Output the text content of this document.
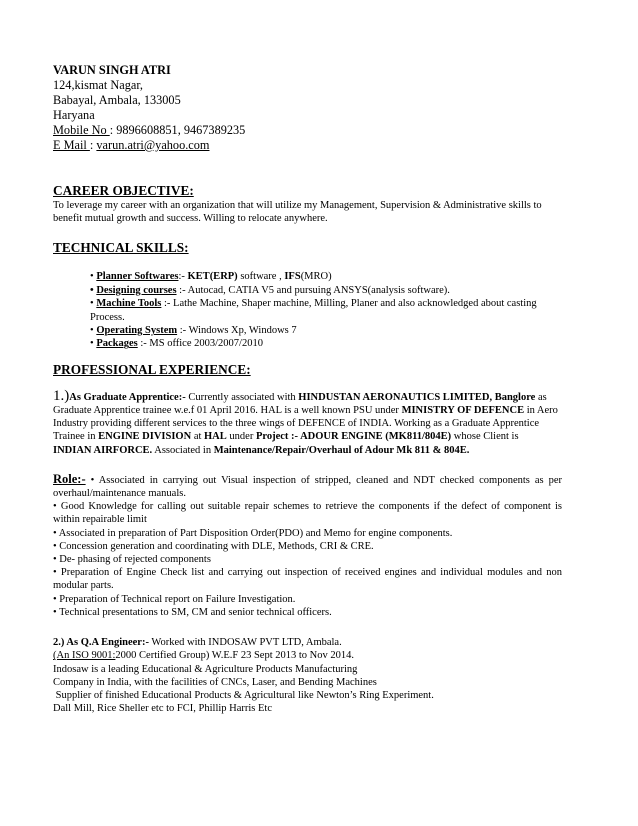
VARUN SINGH ATRI
124,kismat Nagar,
Babayal, Ambala, 133005
Haryana
Mobile No : 9896608851, 9467389235
E Mail : varun.atri@yahoo.com
CAREER OBJECTIVE:
To leverage my career with an organization that will utilize my Management, Supervision & Administrative skills to benefit mutual growth and success. Willing to relocate anywhere.
TECHNICAL SKILLS:
• Planner Softwares:- KET(ERP) software , IFS(MRO)
• Designing courses :- Autocad, CATIA V5 and pursuing ANSYS(analysis software).
• Machine Tools :- Lathe Machine, Shaper machine, Milling, Planer and also acknowledged about casting Process.
• Operating System :- Windows Xp, Windows 7
• Packages :- MS office 2003/2007/2010
PROFESSIONAL EXPERIENCE:
1.)As Graduate Apprentice:- Currently associated with HINDUSTAN AERONAUTICS LIMITED, Banglore as Graduate Apprentice trainee w.e.f 01 April 2016. HAL is a well known PSU under MINISTRY OF DEFENCE in Aero Industry providing different services to the three wings of DEFENCE of INDIA. Working as a Graduate Apprentice Trainee in ENGINE DIVISION at HAL under Project :- ADOUR ENGINE (MK811/804E) whose Client is INDIAN AIRFORCE. Associated in Maintenance/Repair/Overhaul of Adour Mk 811 & 804E.
Role:- • Associated in carrying out Visual inspection of stripped, cleaned and NDT checked components as per overhaul/maintenance manuals.
• Good Knowledge for calling out suitable repair schemes to retrieve the components if the defect of component is within repairable limit
• Associated in preparation of Part Disposition Order(PDO) and Memo for engine components.
• Concession generation and coordinating with DLE, Methods, CRI & CRE.
• De- phasing of rejected components
• Preparation of Engine Check list and carrying out inspection of received engines and individual modules and non modular parts.
• Preparation of Technical report on Failure Investigation.
• Technical presentations to SM, CM and senior technical officers.
2.) As Q.A Engineer:- Worked with INDOSAW PVT LTD, Ambala.
(An ISO 9001:2000 Certified Group) W.E.F 23 Sept 2013 to Nov 2014.
Indosaw is a leading Educational & Agriculture Products Manufacturing
Company in India, with the facilities of CNCs, Laser, and Bending Machines
Supplier of finished Educational Products & Agricultural like Newton’s Ring Experiment.
Dall Mill, Rice Sheller etc to FCI, Phillip Harris Etc
